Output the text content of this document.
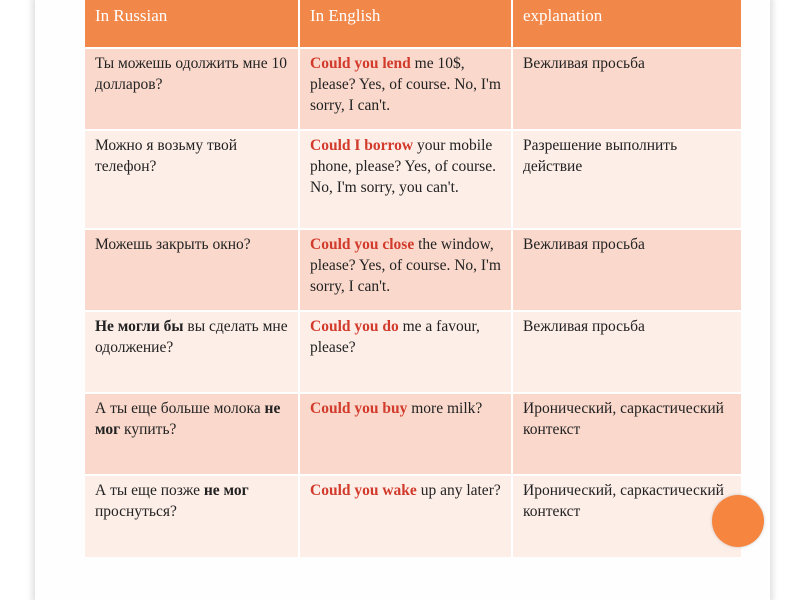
In Russian	In English	explanation
Ты можешь одолжить мне 10 долларов?	Could you lend me 10$, please? Yes, of course. No, I'm sorry, I can't.	Вежливая просьба
Можно я возьму твой телефон?	Could I borrow your mobile phone, please? Yes, of course. No, I'm sorry, you can't.	Разрешение выполнить действие
Можешь закрыть окно?	Could you close the window, please? Yes, of course. No, I'm sorry, I can't.	Вежливая просьба
Не могли бы вы сделать мне одолжение?	Could you do me a favour, please?	Вежливая просьба
А ты еще больше молока не мог купить?	Could you buy more milk?	Иронический, саркастический контекст
А ты еще позже не мог проснуться?	Could you wake up any later?	Иронический, саркастический контекст
